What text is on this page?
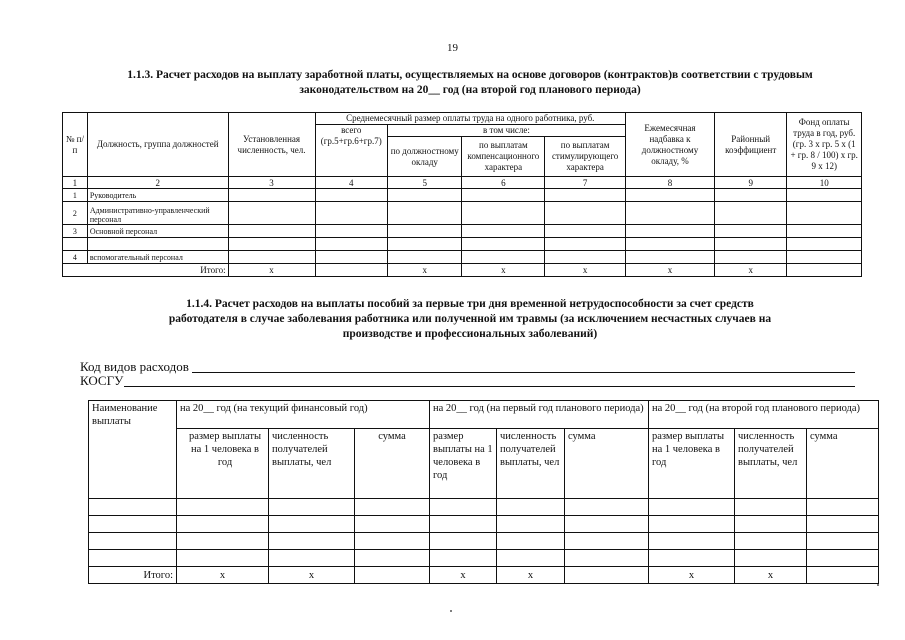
19
1.1.3. Расчет расходов на выплату заработной платы, осуществляемых на основе договоров (контрактов)в соответствии с трудовым
законодательством на 20__ год (на второй год планового периода)
№ п/п	Должность, группа должностей	Установленная численность, чел.	Среднемесячный размер оплаты труда на одного работника, руб.				Ежемесячная надбавка к должностному окладу, %	Районный коэффициент	Фонд оплаты труда в год, руб. (гр. 3 х гр. 5 х (1 + гр. 8 / 100) х гр. 9 х 12)
			всего (гр.5+гр.6+гр.7)	в том числе:					
				по должностному окладу	по выплатам компенсационного характера	по выплатам стимулирующего характера			
1	2	3	4	5	6	7	8	9	10
1	Руководитель								
2	Административно-управленческий персонал								
3	Основной персонал								

4	вспомогательный персонал								
Итого:		х		х	х	х	х	х	
1.1.4. Расчет расходов на выплаты пособий за первые три дня временной нетрудоспособности за счет средств
работодателя в случае заболевания работника или полученной им травмы (за исключением несчастных случаев на
производстве и профессиональных заболеваний)
Код видов расходов
КОСГУ
Наименование выплаты	на 20__ год (на текущий финансовый год)			на 20__ год (на первый год планового периода)			на 20__ год (на второй год планового периода)		
	размер выплаты на 1 человека в год	численность получателей выплаты, чел	сумма	размер выплаты на 1 человека в год	численность получателей выплаты, чел	сумма	размер выплаты на 1 человека в год	численность получателей выплаты, чел	сумма

Итого:	х	х		х	х		х	х	
